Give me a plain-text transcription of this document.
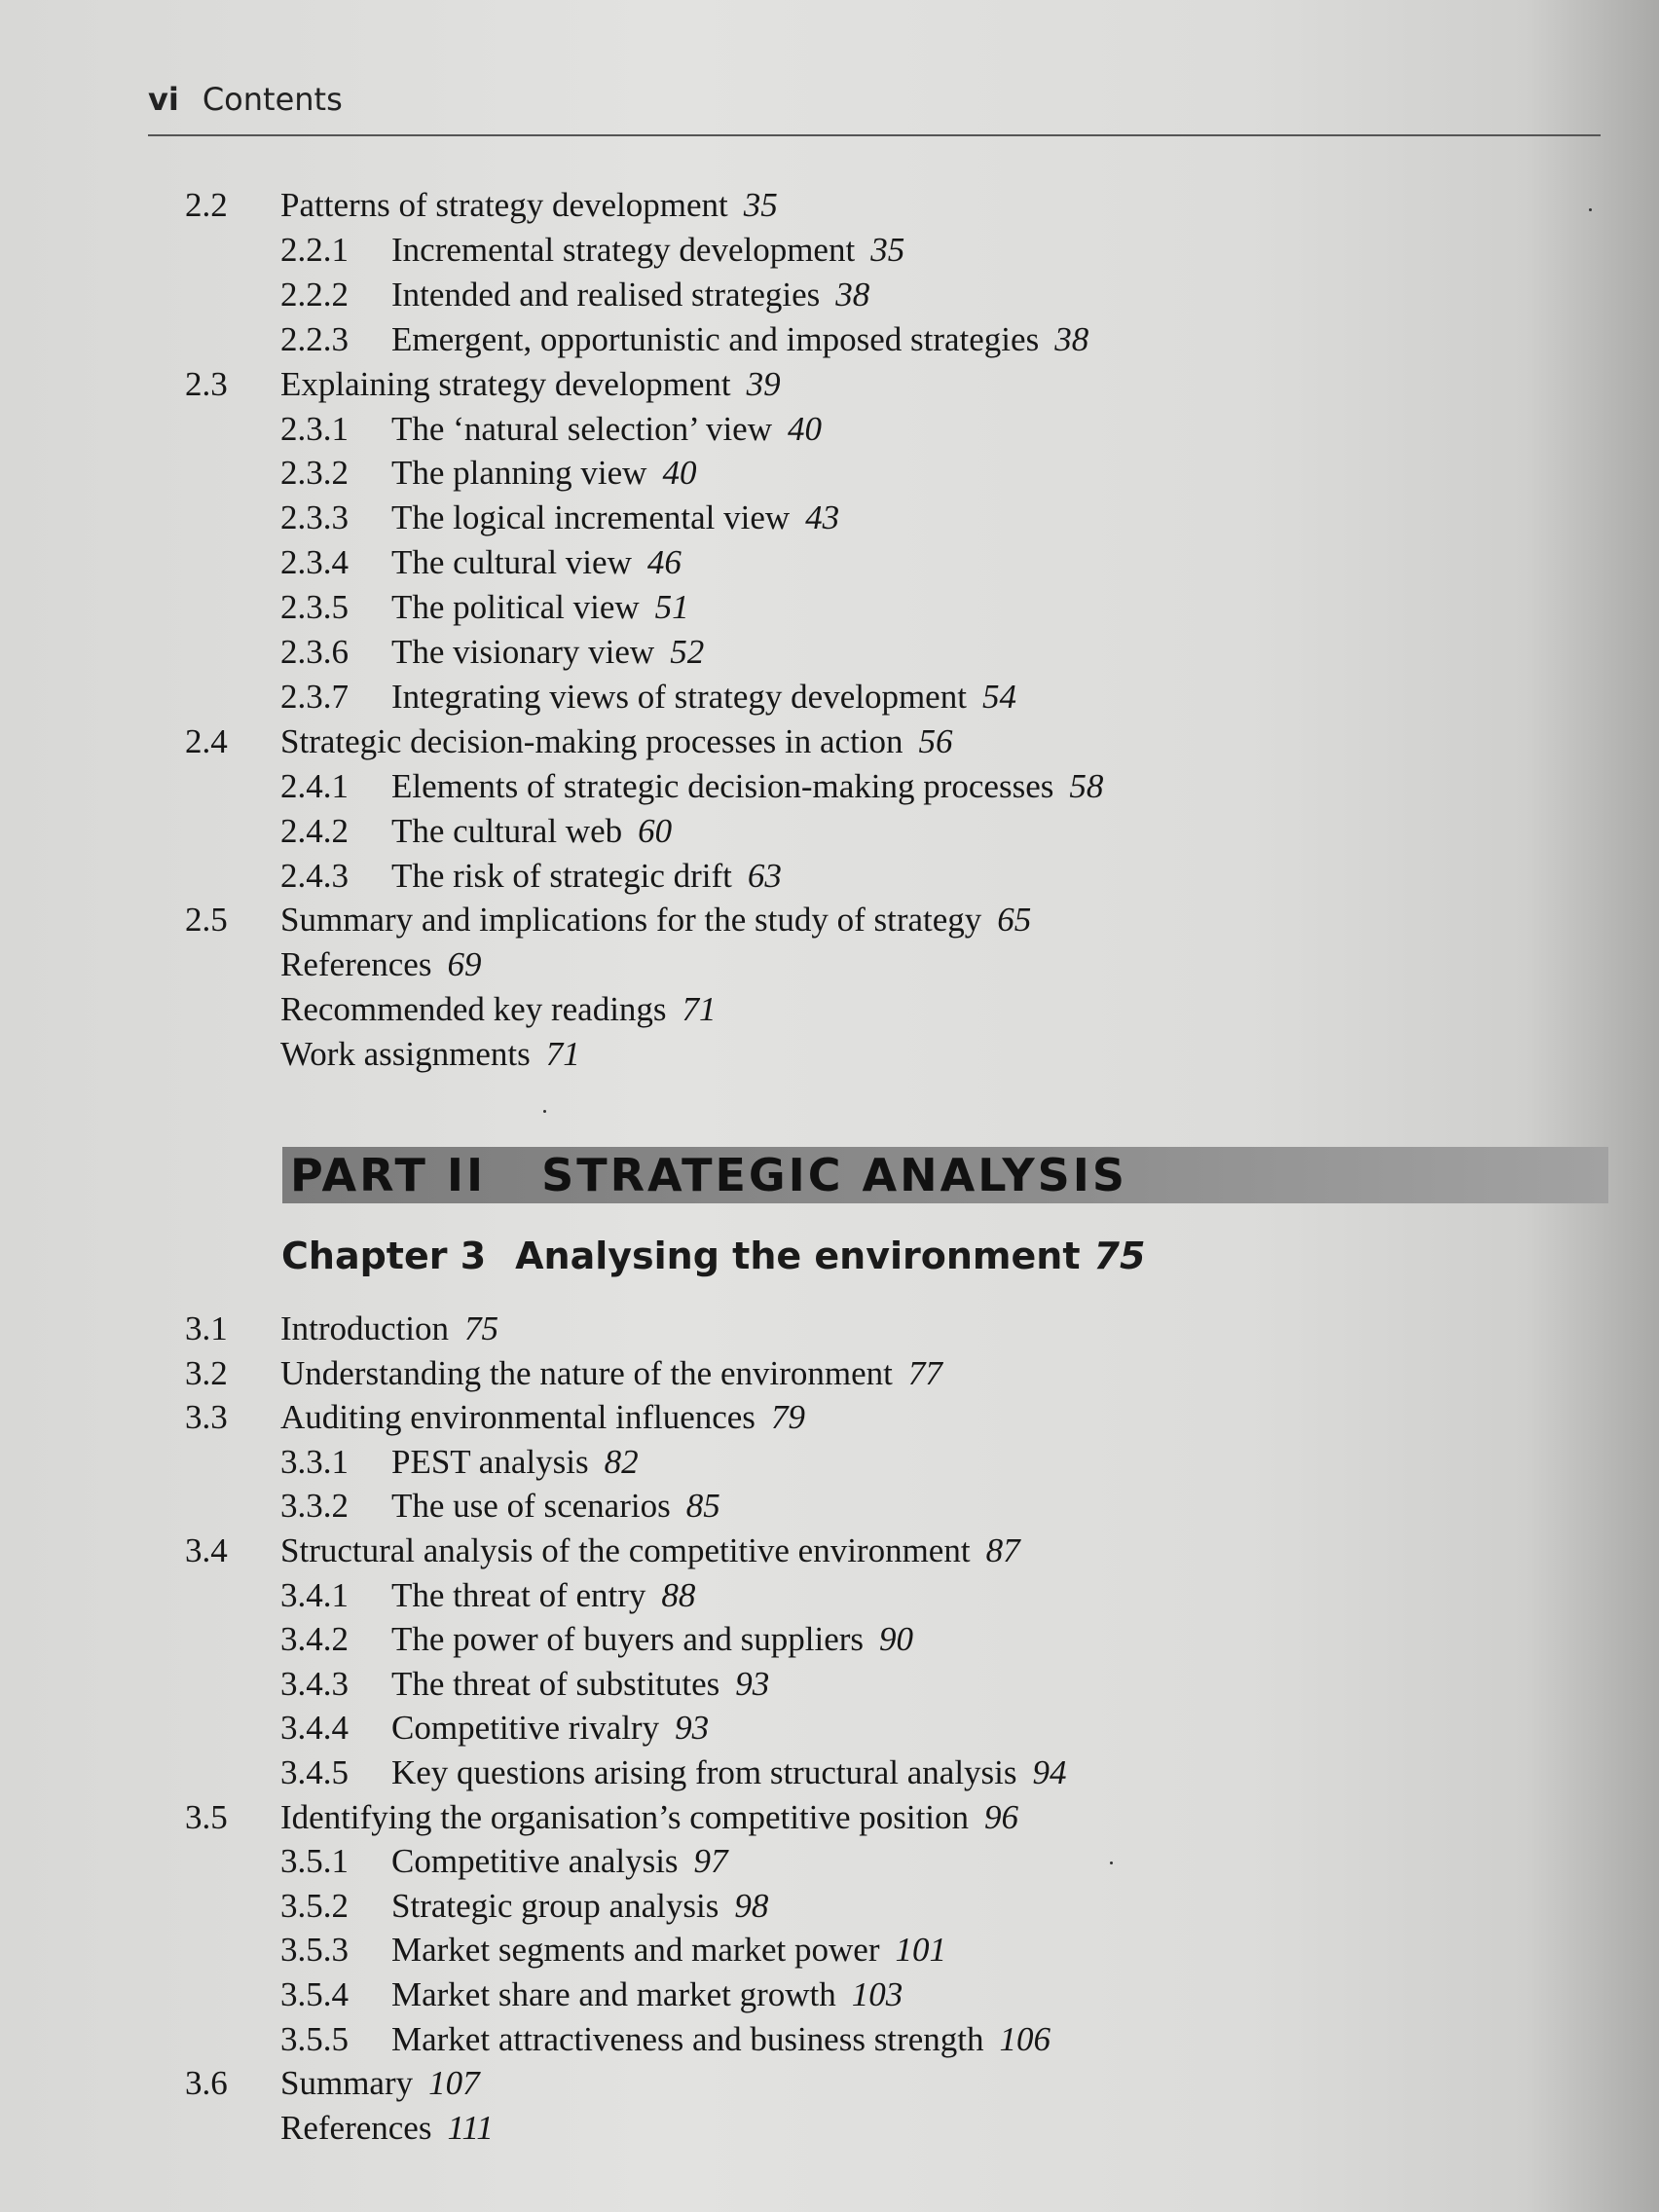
vi Contents
2.2 Patterns of strategy development 35
2.2.1 Incremental strategy development 35
2.2.2 Intended and realised strategies 38
2.2.3 Emergent, opportunistic and imposed strategies 38
2.3 Explaining strategy development 39
2.3.1 The ‘natural selection’ view 40
2.3.2 The planning view 40
2.3.3 The logical incremental view 43
2.3.4 The cultural view 46
2.3.5 The political view 51
2.3.6 The visionary view 52
2.3.7 Integrating views of strategy development 54
2.4 Strategic decision-making processes in action 56
2.4.1 Elements of strategic decision-making processes 58
2.4.2 The cultural web 60
2.4.3 The risk of strategic drift 63
2.5 Summary and implications for the study of strategy 65
References 69
Recommended key readings 71
Work assignments 71
PART II   STRATEGIC ANALYSIS
Chapter 3 Analysing the environment 75
3.1 Introduction 75
3.2 Understanding the nature of the environment 77
3.3 Auditing environmental influences 79
3.3.1 PEST analysis 82
3.3.2 The use of scenarios 85
3.4 Structural analysis of the competitive environment 87
3.4.1 The threat of entry 88
3.4.2 The power of buyers and suppliers 90
3.4.3 The threat of substitutes 93
3.4.4 Competitive rivalry 93
3.4.5 Key questions arising from structural analysis 94
3.5 Identifying the organisation’s competitive position 96
3.5.1 Competitive analysis 97
3.5.2 Strategic group analysis 98
3.5.3 Market segments and market power 101
3.5.4 Market share and market growth 103
3.5.5 Market attractiveness and business strength 106
3.6 Summary 107
References 111
